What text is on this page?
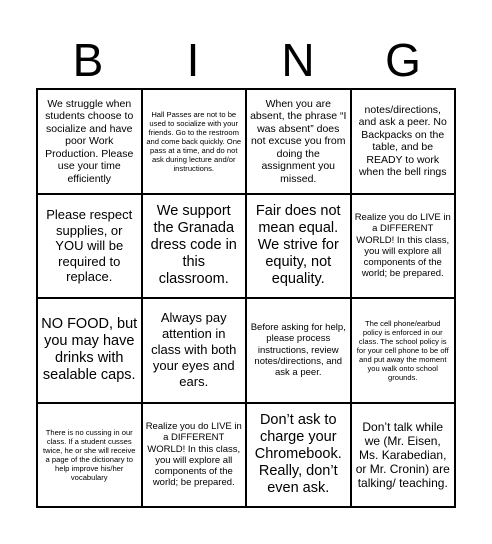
B	I	N	G
We struggle when students choose to socialize and have poor Work Production. Please use your time efficiently
Hall Passes are not to be used to socialize with your friends. Go to the restroom and come back quickly. One pass at a time, and do not ask during lecture and/or instructions.
When you are absent, the phrase “I was absent” does not excuse you from doing the assignment you missed.
notes/directions, and ask a peer. No Backpacks on the table, and be READY to work when the bell rings
Please respect supplies, or YOU will be required to replace.
We support the Granada dress code in this classroom.
Fair does not mean equal. We strive for equity, not equality.
Realize you do LIVE in a DIFFERENT WORLD! In this class, you will explore all components of the world; be prepared.
NO FOOD, but you may have drinks with sealable caps.
Always pay attention in class with both your eyes and ears.
Before asking for help, please process instructions, review notes/directions, and ask a peer.
The cell phone/earbud policy is enforced in our class. The school policy is for your cell phone to be off and put away the moment you walk onto school grounds.
There is no cussing in our class. If a student cusses twice, he or she will receive a page of the dictionary to help improve his/her vocabulary
Realize you do LIVE in a DIFFERENT WORLD! In this class, you will explore all components of the world; be prepared.
Don’t ask to charge your Chromebook. Really, don’t even ask.
Don’t talk while we (Mr. Eisen, Ms. Karabedian, or Mr. Cronin) are talking/ teaching.
